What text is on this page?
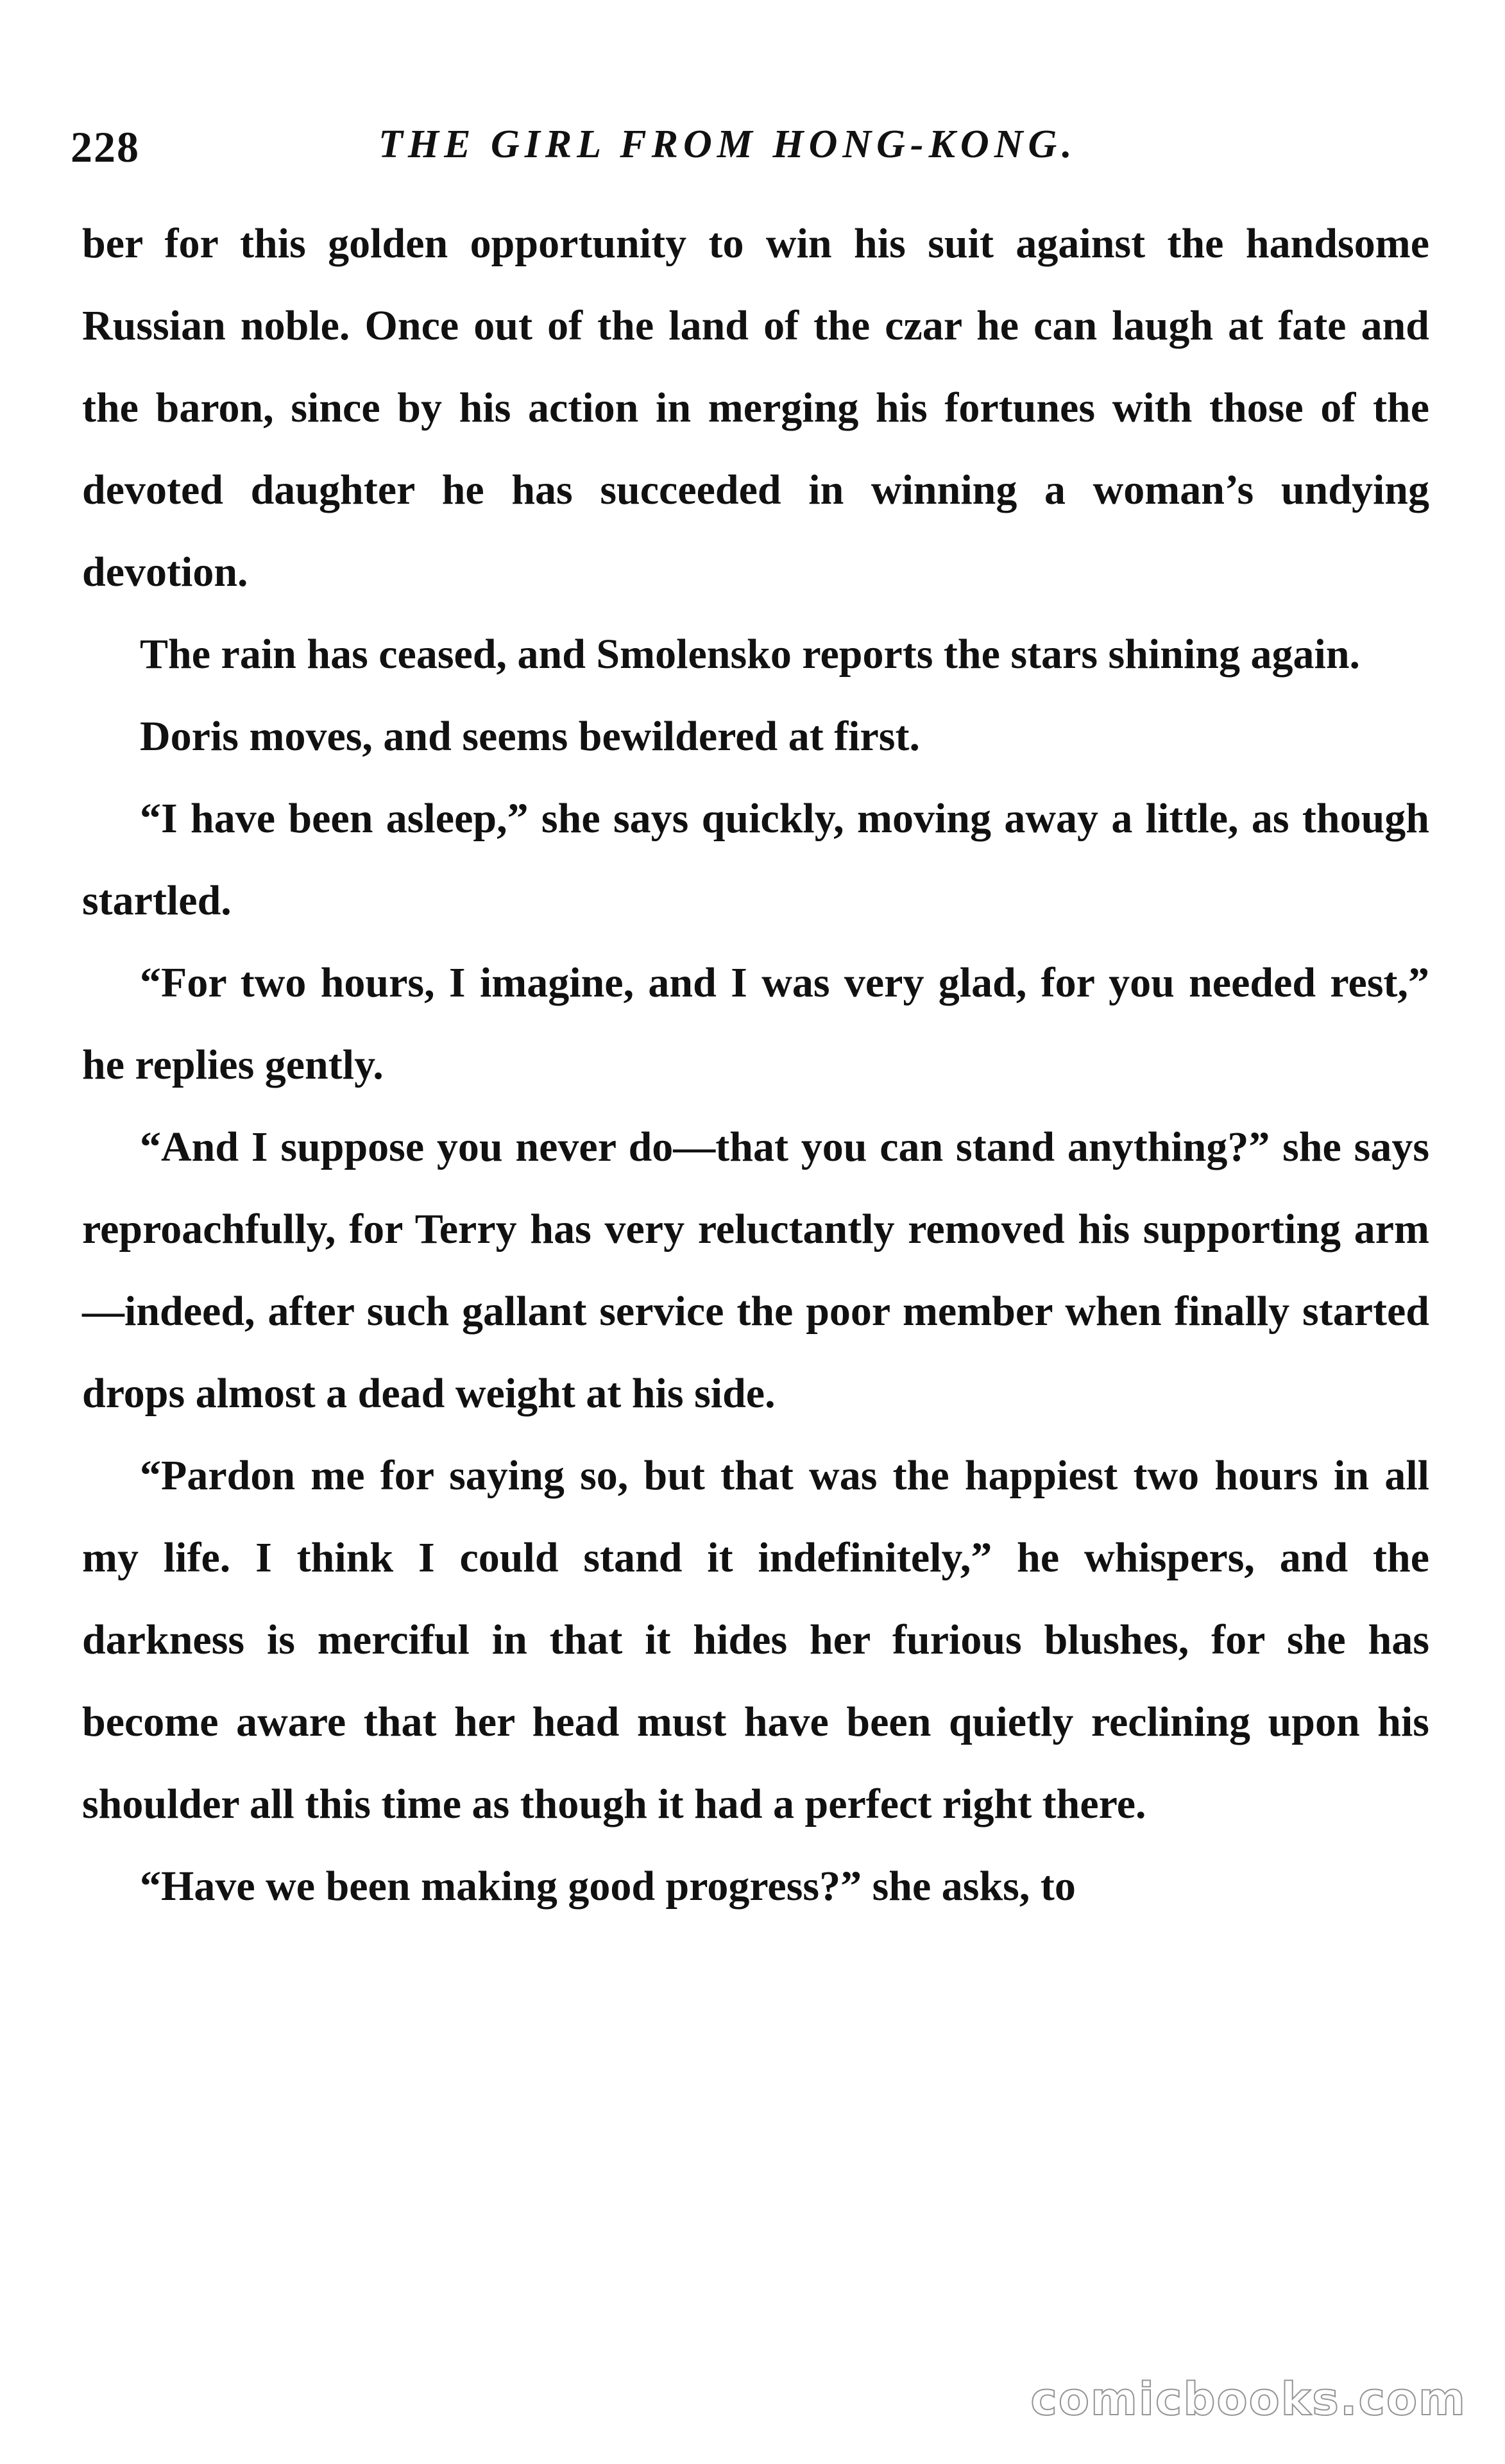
228	THE GIRL FROM HONG-KONG.

ber for this golden opportunity to win his suit against the handsome Russian noble. Once out of the land of the czar he can laugh at fate and the baron, since by his action in merging his fortunes with those of the devoted daughter he has succeeded in winning a woman’s undying devotion.

The rain has ceased, and Smolensko reports the stars shining again.

Doris moves, and seems bewildered at first.

“I have been asleep,” she says quickly, moving away a little, as though startled.

“For two hours, I imagine, and I was very glad, for you needed rest,” he replies gently.

“And I suppose you never do—that you can stand anything?” she says reproachfully, for Terry has very reluctantly removed his supporting arm—indeed, after such gallant service the poor member when finally started drops almost a dead weight at his side.

“Pardon me for saying so, but that was the happiest two hours in all my life. I think I could stand it indefinitely,” he whispers, and the darkness is merciful in that it hides her furious blushes, for she has become aware that her head must have been quietly reclining upon his shoulder all this time as though it had a perfect right there.

“Have we been making good progress?” she asks, to

comicbooks.com
